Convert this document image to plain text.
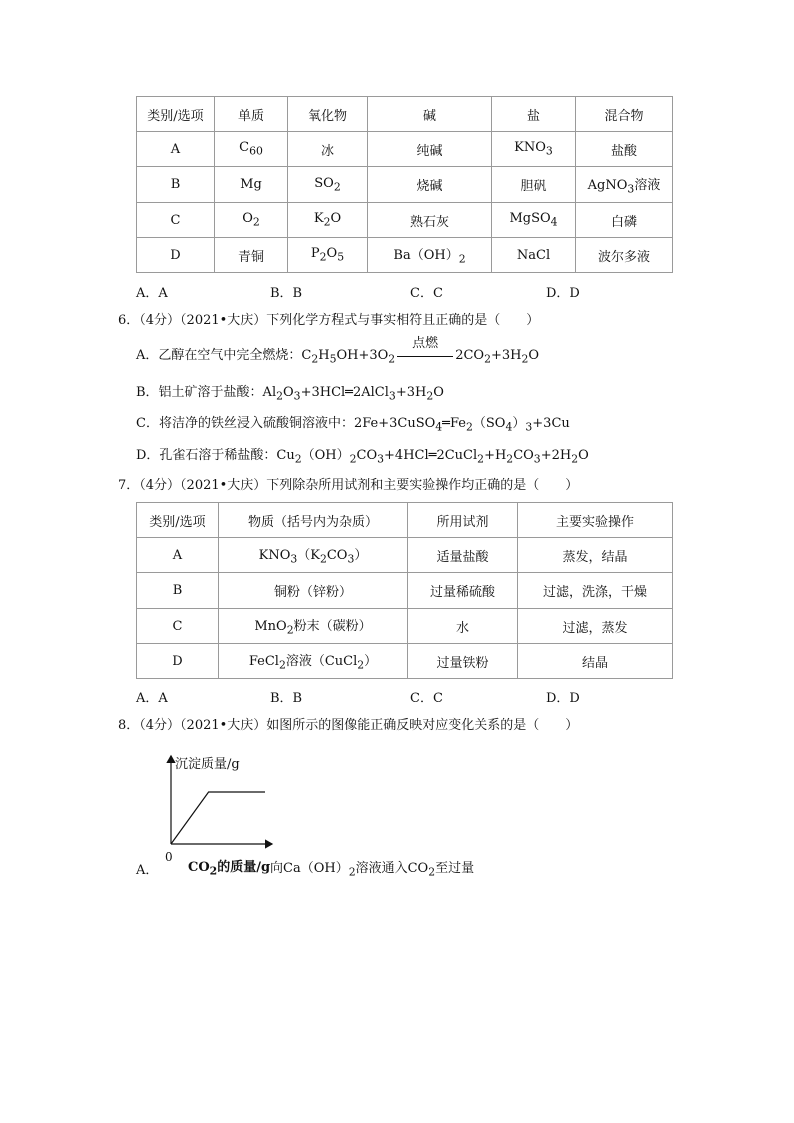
类别/选项	单质	氧化物	碱	盐	混合物
A	$C_{60}$	冰	纯碱	$KNO_3$	盐酸
B	Mg	$SO_2$	烧碱	胆矾	AgNO$_3$溶液
C	$O_2$	$K_2O$	熟石灰	MgSO$_4$	白磷
D	青铜	$P_2O_5$	$Ba(OH)_2$	NaCl	波尔多液
A．A	B．B	C．C	D．D
6．（4分）（2021•大庆）下列化学方程式与事实相符且正确的是（　　）
A．乙醇在空气中完全燃烧：$C_2H_5OH+3O_2$
点燃
$2CO_2+3H_2O$
B．铝土矿溶于盐酸：$Al_2O_3+3HCl═2AlCl_3+3H_2O$
C．将洁净的铁丝浸入硫酸铜溶液中：$2Fe+3CuSO_4═Fe_2(SO_4)_3+3Cu$
D．孔雀石溶于稀盐酸：$Cu_2(OH)_2CO_3+4HCl═2CuCl_2+H_2CO_3+2H_2O$
7．（4分）（2021•大庆）下列除杂所用试剂和主要实验操作均正确的是（　　）
类别/选项	物质（括号内为杂质）	所用试剂	主要实验操作
A	$KNO_3(K_2CO_3)$	适量盐酸	蒸发，结晶
B	铜粉（锌粉）	过量稀硫酸	过滤，洗涤，干燥
C	MnO$_2$粉末（碳粉）	水	过滤，蒸发
D	FeCl$_2$溶液（CuCl$_2$）	过量铁粉	结晶
A．A	B．B	C．C	D．D
8．（4分）（2021•大庆）如图所示的图像能正确反映对应变化关系的是（　　）
沉淀质量/g
0
$CO_2$的质量/g
A．	向$Ca(OH)_2$溶液通入$CO_2$至过量
